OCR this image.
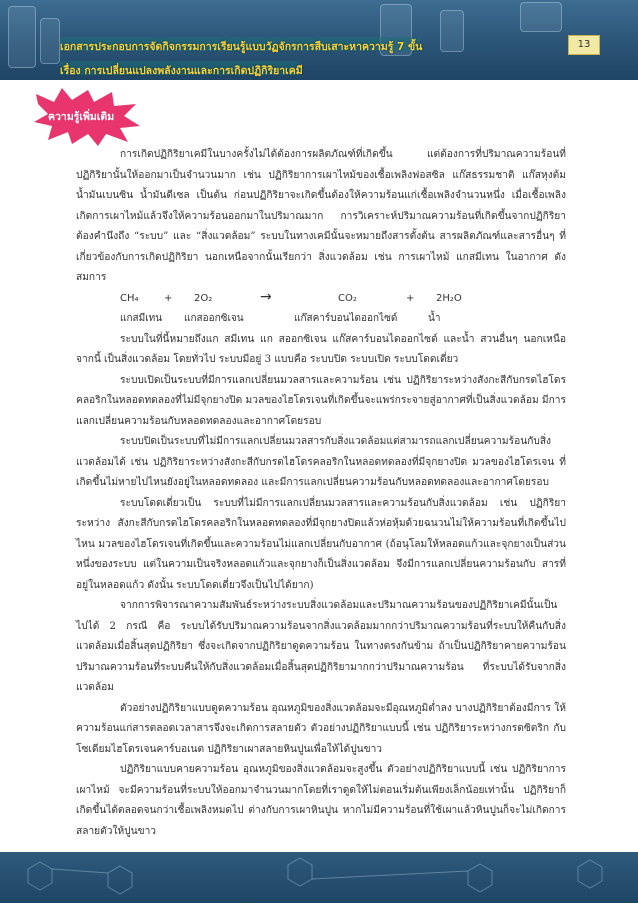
เอกสารประกอบการจัดกิจกรรมการเรียนรู้แบบวัฏจักรการสืบเสาะหาความรู้ 7 ขั้น
เรื่อง การเปลี่ยนแปลงพลังงานและการเกิดปฏิกิริยาเคมี
13
ความรู้เพิ่มเติม

การเกิดปฏิกิริยาเคมีในบางครั้งไม่ได้ต้องการผลิตภัณฑ์ที่เกิดขึ้น แต่ต้องการที่ปริมาณความร้อนที่ปฏิกิริยานั้นให้ออกมาเป็นจำนวนมาก เช่น ปฏิกิริยาการเผาไหม้ของเชื้อเพลิงฟอสซิล แก๊สธรรมชาติ แก๊สหุงต้ม น้ำมันเบนซิน น้ำมันดีเซล เป็นต้น ก่อนปฏิกิริยาจะเกิดขึ้นต้องให้ความร้อนแก่เชื้อเพลิงจำนวนหนึ่ง เมื่อเชื้อเพลิงเกิดการเผาไหม้แล้วจึงให้ความร้อนออกมาในปริมาณมาก การวิเคราะห์ปริมาณความร้อนที่เกิดขึ้นจากปฏิกิริยาต้องคำนึงถึง “ระบบ” และ “สิ่งแวดล้อม” ระบบในทางเคมีนั้นจะหมายถึงสารตั้งต้น สารผลิตภัณฑ์และสารอื่นๆ ที่เกี่ยวข้องกับการเกิดปฏิกิริยา นอกเหนือจากนั้นเรียกว่า สิ่งแวดล้อม เช่น การเผาไหม้ แกสมีเทน ในอากาศ ดังสมการ

CH₄	+ 2O₂	→	CO₂	+ 2H₂O
แกสมีเทน แกสออกซิเจน	แก๊สคาร์บอนไดออกไซด์	น้ำ

ระบบในที่นี้หมายถึงแก สมีเทน แก สออกซิเจน แก๊สคาร์บอนไดออกไซด์ และน้ำ สวนอื่นๆ นอกเหนือจากนี้ เป็นสิ่งแวดล้อม โดยทั่วไป ระบบมีอยู่ 3 แบบคือ ระบบปิด ระบบเปิด ระบบโดดเดี่ยว

ระบบเปิดเป็นระบบที่มีการแลกเปลี่ยนมวลสารและความร้อน เช่น ปฏิกิริยาระหว่างสังกะสีกับกรดไฮโดร คลอริกในหลอดทดลองที่ไม่มีจุกยางปิด มวลของไฮโดรเจนที่เกิดขึ้นจะแพร่กระจายสู่อากาศที่เป็นสิ่งแวดล้อม มีการแลกเปลี่ยนความร้อนกับหลอดทดลองและอากาศโดยรอบ

ระบบปิดเป็นระบบที่ไม่มีการแลกเปลี่ยนมวลสารกับสิ่งแวดล้อมแต่สามารถแลกเปลี่ยนความร้อนกับสิ่งแวดล้อมได้ เช่น ปฏิกิริยาระหว่างสังกะสีกับกรดไฮโดรคลอริกในหลอดทดลองที่มีจุกยางปิด มวลของไฮโดรเจน ที่เกิดขึ้นไม่หายไปไหนยังอยู่ในหลอดทดลอง และมีการแลกเปลี่ยนความร้อนกับหลอดทดลองและอากาศโดยรอบ

ระบบโดดเดี่ยวเป็น ระบบที่ไม่มีการแลกเปลี่ยนมวลสารและความร้อนกับสิ่งแวดล้อม เช่น ปฏิกิริยาระหว่าง สังกะสีกับกรดไฮโดรคลอริกในหลอดทดลองที่มีจุกยางปิดแล้วห่อหุ้มด้วยฉนวนไม่ให้ความร้อนที่เกิดขึ้นไปไหน มวลของไฮโดรเจนที่เกิดขึ้นและความร้อนไม่แลกเปลี่ยนกับอากาศ (ถ้อนุโลมให้หลอดแก้วและจุกยางเป็นส่วนหนึ่งของระบบ แต่ในความเป็นจริงหลอดแก้วและจุกยางก็เป็นสิ่งแวดล้อม จึงมีการแลกเปลี่ยนความร้อนกับ สารที่อยู่ในหลอดแก้ว ดังนั้น ระบบโดดเดี่ยวจึงเป็นไปได้ยาก)

จากการพิจารณาความสัมพันธ์ระหว่างระบบสิ่งแวดล้อมและปริมาณความร้อนของปฏิกิริยาเคมีนั้นเป็นไปได้ 2 กรณี คือ ระบบได้รับปริมาณความร้อนจากสิ่งแวดล้อมมากกว่าปริมาณความร้อนที่ระบบให้คืนกับสิ่งแวดล้อมเมื่อสิ้นสุดปฏิกิริยา ซึ่งจะเกิดจากปฏิกิริยาดูดความร้อน ในทางตรงกันข้าม ถ้าเป็นปฏิกิริยาคายความร้อน ปริมาณความร้อนที่ระบบคืนให้กับสิ่งแวดล้อมเมื่อสิ้นสุดปฏิกิริยามากกว่าปริมาณความร้อน ที่ระบบได้รับจากสิ่งแวดล้อม

ตัวอย่างปฏิกิริยาแบบดูดความร้อน อุณหภูมิของสิ่งแวดล้อมจะมีอุณหภูมิต่ำลง บางปฏิกิริยาต้องมีการ ให้ความร้อนแก่สารตลอดเวลาสารจึงจะเกิดการสลายตัว ตัวอย่างปฏิกิริยาแบบนี้ เช่น ปฏิกิริยาระหว่างกรดซิตริก กับโซเดียมไฮโดรเจนคาร์บอเนต ปฏิกิริยาเผาสลายหินปูนเพื่อให้ได้ปูนขาว

ปฏิกิริยาแบบคายความร้อน อุณหภูมิของสิ่งแวดล้อมจะสูงขึ้น ตัวอย่างปฏิกิริยาแบบนี้ เช่น ปฏิกิริยาการเผาไหม้ จะมีความร้อนที่ระบบให้ออกมาจำนวนมากโดยที่เราดูดให้ไม่ตอนเริ่มต้นเพียงเล็กน้อยเท่านั้น ปฏิกิริยาก็เกิดขึ้นได้ตลอดจนกว่าเชื้อเพลิงหมดไป ต่างกับการเผาหินปูน หากไม่มีความร้อนที่ใช้เผาแล้วหินปูนก็จะไม่เกิดการสลายตัวให้ปูนขาว
